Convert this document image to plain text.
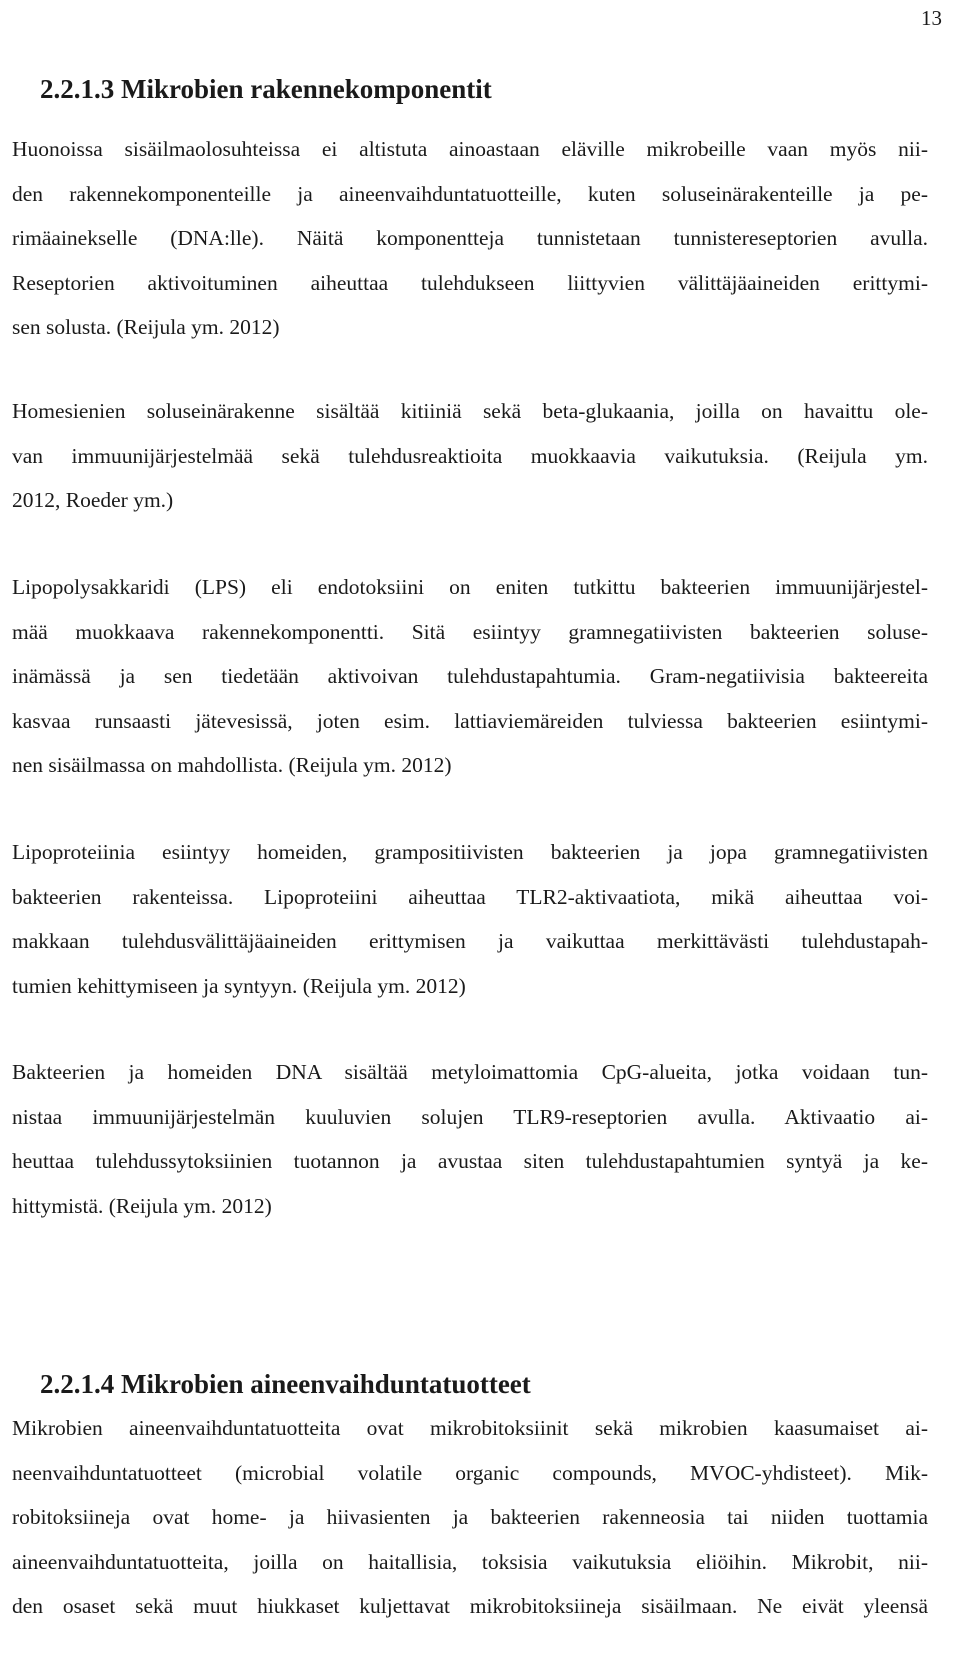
13
2.2.1.3 Mikrobien rakennekomponentit

Huonoissa sisäilmaolosuhteissa ei altistuta ainoastaan eläville mikrobeille vaan myös nii-
den rakennekomponenteille ja aineenvaihduntatuotteille, kuten soluseinärakenteille ja pe-
rimäainekselle (DNA:lle). Näitä komponentteja tunnistetaan tunnistereseptorien avulla.
Reseptorien aktivoituminen aiheuttaa tulehdukseen liittyvien välittäjäaineiden erittymi-
sen solusta. (Reijula ym. 2012)

Homesienien soluseinärakenne sisältää kitiiniä sekä beta-glukaania, joilla on havaittu ole-
van immuunijärjestelmää sekä tulehdusreaktioita muokkaavia vaikutuksia. (Reijula ym.
2012, Roeder ym.)

Lipopolysakkaridi (LPS) eli endotoksiini on eniten tutkittu bakteerien immuunijärjestel-
mää muokkaava rakennekomponentti. Sitä esiintyy gramnegatiivisten bakteerien soluse-
inämässä ja sen tiedetään aktivoivan tulehdustapahtumia. Gram-negatiivisia bakteereita
kasvaa runsaasti jätevesissä, joten esim. lattiaviemäreiden tulviessa bakteerien esiintymi-
nen sisäilmassa on mahdollista. (Reijula ym. 2012)

Lipoproteiinia esiintyy homeiden, grampositiivisten bakteerien ja jopa gramnegatiivisten
bakteerien rakenteissa. Lipoproteiini aiheuttaa TLR2-aktivaatiota, mikä aiheuttaa voi-
makkaan tulehdusvälittäjäaineiden erittymisen ja vaikuttaa merkittävästi tulehdustapah-
tumien kehittymiseen ja syntyyn. (Reijula ym. 2012)

Bakteerien ja homeiden DNA sisältää metyloimattomia CpG-alueita, jotka voidaan tun-
nistaa immuunijärjestelmän kuuluvien solujen TLR9-reseptorien avulla. Aktivaatio ai-
heuttaa tulehdussytoksiinien tuotannon ja avustaa siten tulehdustapahtumien syntyä ja ke-
hittymistä. (Reijula ym. 2012)

2.2.1.4 Mikrobien aineenvaihduntatuotteet

Mikrobien aineenvaihduntatuotteita ovat mikrobitoksiinit sekä mikrobien kaasumaiset ai-
neenvaihduntatuotteet (microbial volatile organic compounds, MVOC-yhdisteet). Mik-
robitoksiineja ovat home- ja hiivasienten ja bakteerien rakenneosia tai niiden tuottamia
aineenvaihduntatuotteita, joilla on haitallisia, toksisia vaikutuksia eliöihin. Mikrobit, nii-
den osaset sekä muut hiukkaset kuljettavat mikrobitoksiineja sisäilmaan. Ne eivät yleensä
